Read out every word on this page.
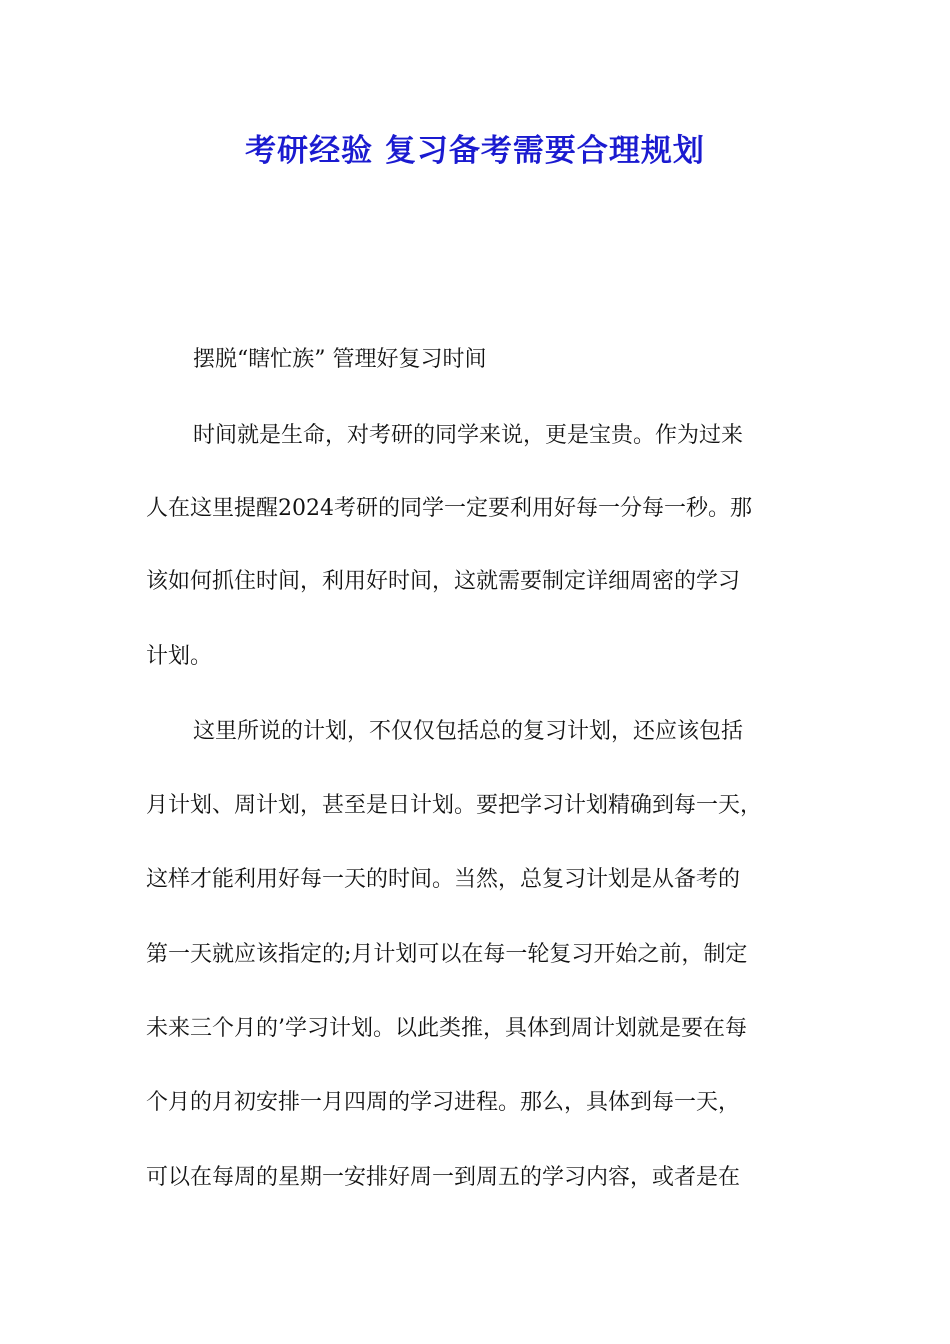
考研经验 复习备考需要合理规划
摆脱“瞎忙族” 管理好复习时间
时间就是生命，对考研的同学来说，更是宝贵。作为过来
人在这里提醒2024考研的同学一定要利用好每一分每一秒。那
该如何抓住时间，利用好时间，这就需要制定详细周密的学习
计划。
这里所说的计划，不仅仅包括总的复习计划，还应该包括
月计划、周计划，甚至是日计划。要把学习计划精确到每一天，
这样才能利用好每一天的时间。当然，总复习计划是从备考的
第一天就应该指定的;月计划可以在每一轮复习开始之前，制定
未来三个月的’学习计划。以此类推，具体到周计划就是要在每
个月的月初安排一月四周的学习进程。那么，具体到每一天，
可以在每周的星期一安排好周一到周五的学习内容，或者是在
